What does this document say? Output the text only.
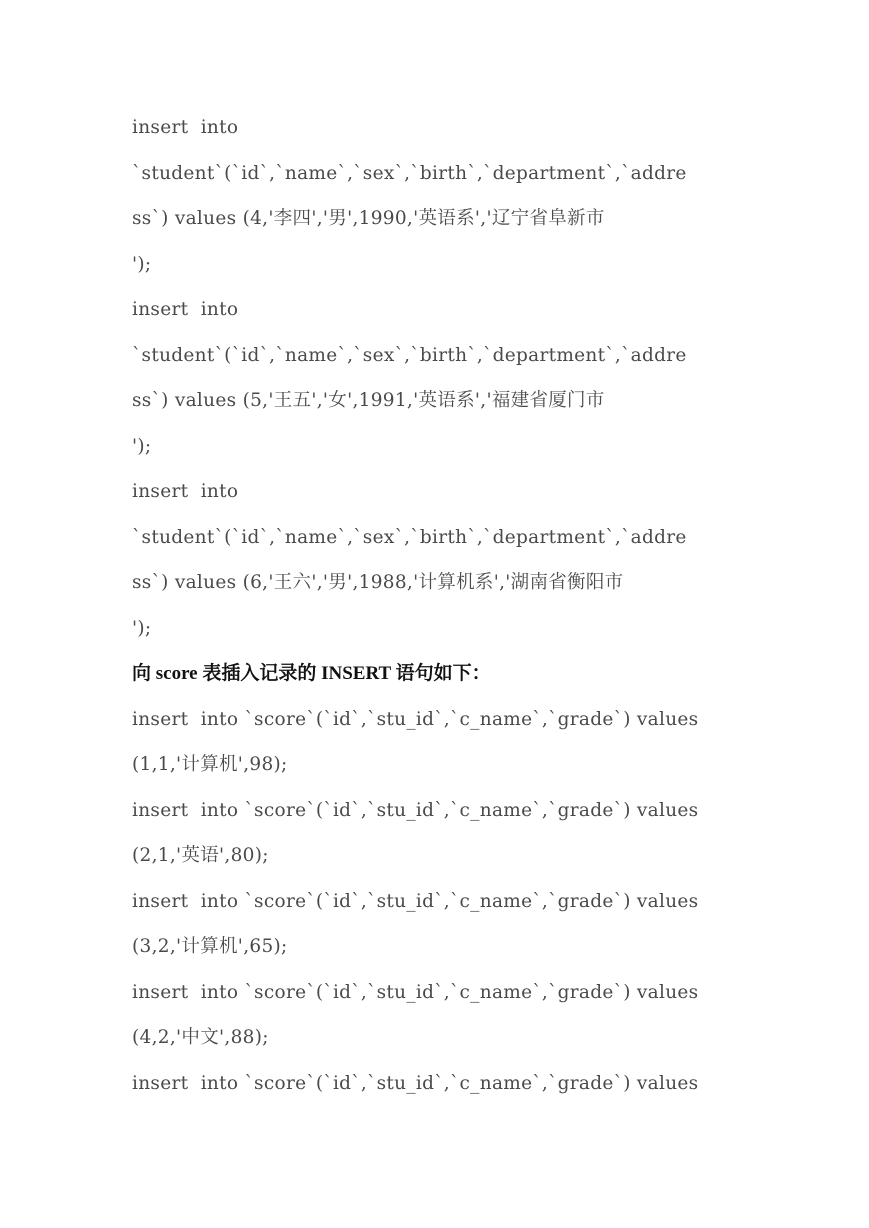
insert  into
`student`(`id`,`name`,`sex`,`birth`,`department`,`addre
ss`) values (4,'李四','男',1990,'英语系','辽宁省阜新市
');
insert  into
`student`(`id`,`name`,`sex`,`birth`,`department`,`addre
ss`) values (5,'王五','女',1991,'英语系','福建省厦门市
');
insert  into
`student`(`id`,`name`,`sex`,`birth`,`department`,`addre
ss`) values (6,'王六','男',1988,'计算机系','湖南省衡阳市
');
向 score 表插入记录的 INSERT 语句如下：
insert  into `score`(`id`,`stu_id`,`c_name`,`grade`) values
(1,1,'计算机',98);
insert  into `score`(`id`,`stu_id`,`c_name`,`grade`) values
(2,1,'英语',80);
insert  into `score`(`id`,`stu_id`,`c_name`,`grade`) values
(3,2,'计算机',65);
insert  into `score`(`id`,`stu_id`,`c_name`,`grade`) values
(4,2,'中文',88);
insert  into `score`(`id`,`stu_id`,`c_name`,`grade`) values
